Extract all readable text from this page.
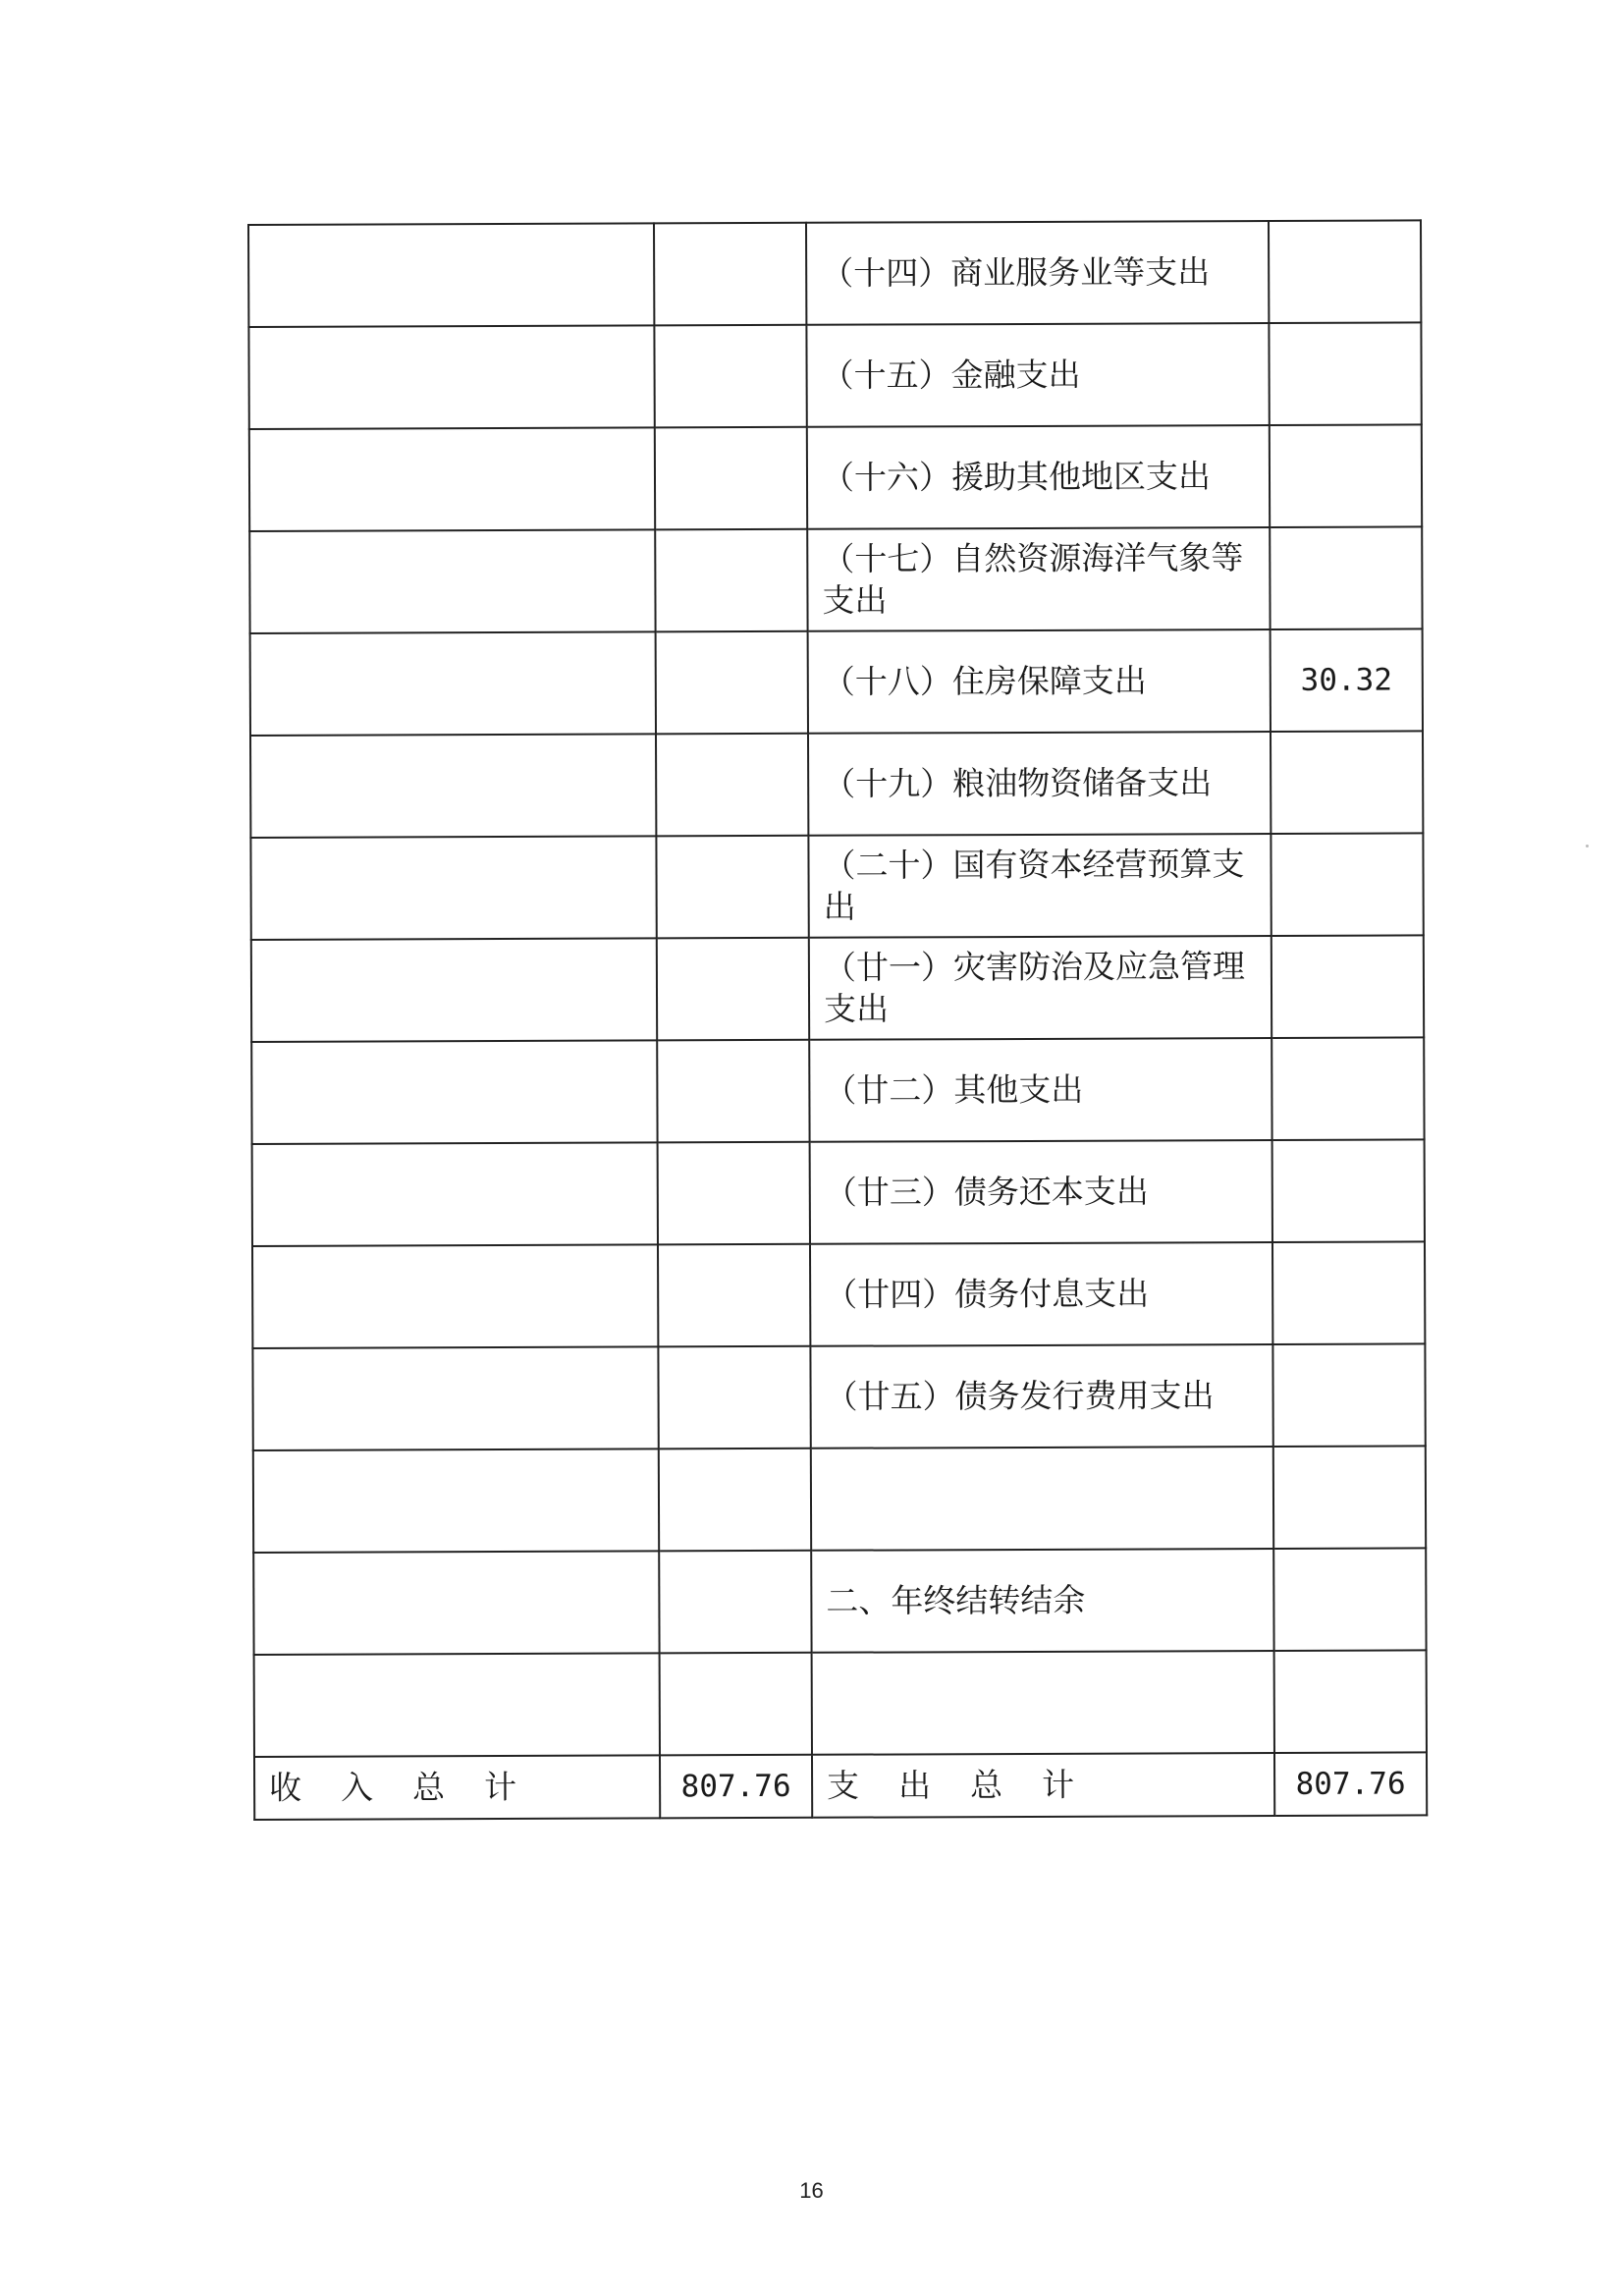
		（十四）商业服务业等支出	
		（十五）金融支出	
		（十六）援助其他地区支出	
		（十七）自然资源海洋气象等支出	
		（十八）住房保障支出	30.32
		（十九）粮油物资储备支出	
		（二十）国有资本经营预算支出	
		（廿一）灾害防治及应急管理支出	
		（廿二）其他支出	
		（廿三）债务还本支出	
		（廿四）债务付息支出	
		（廿五）债务发行费用支出	

		二、年终结转结余	

收入总计	807.76	支出总计	807.76
16
